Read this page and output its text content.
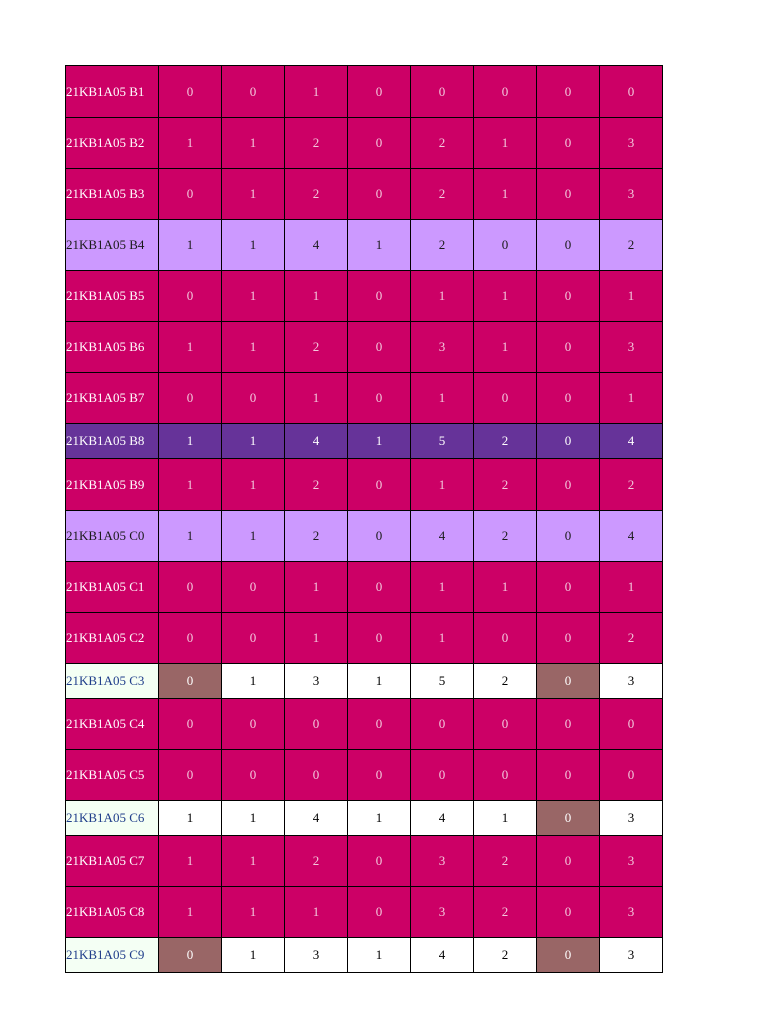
21KB1A05 B1	0	0	1	0	0	0	0	0
21KB1A05 B2	1	1	2	0	2	1	0	3
21KB1A05 B3	0	1	2	0	2	1	0	3
21KB1A05 B4	1	1	4	1	2	0	0	2
21KB1A05 B5	0	1	1	0	1	1	0	1
21KB1A05 B6	1	1	2	0	3	1	0	3
21KB1A05 B7	0	0	1	0	1	0	0	1
21KB1A05 B8	1	1	4	1	5	2	0	4
21KB1A05 B9	1	1	2	0	1	2	0	2
21KB1A05 C0	1	1	2	0	4	2	0	4
21KB1A05 C1	0	0	1	0	1	1	0	1
21KB1A05 C2	0	0	1	0	1	0	0	2
21KB1A05 C3	0	1	3	1	5	2	0	3
21KB1A05 C4	0	0	0	0	0	0	0	0
21KB1A05 C5	0	0	0	0	0	0	0	0
21KB1A05 C6	1	1	4	1	4	1	0	3
21KB1A05 C7	1	1	2	0	3	2	0	3
21KB1A05 C8	1	1	1	0	3	2	0	3
21KB1A05 C9	0	1	3	1	4	2	0	3
